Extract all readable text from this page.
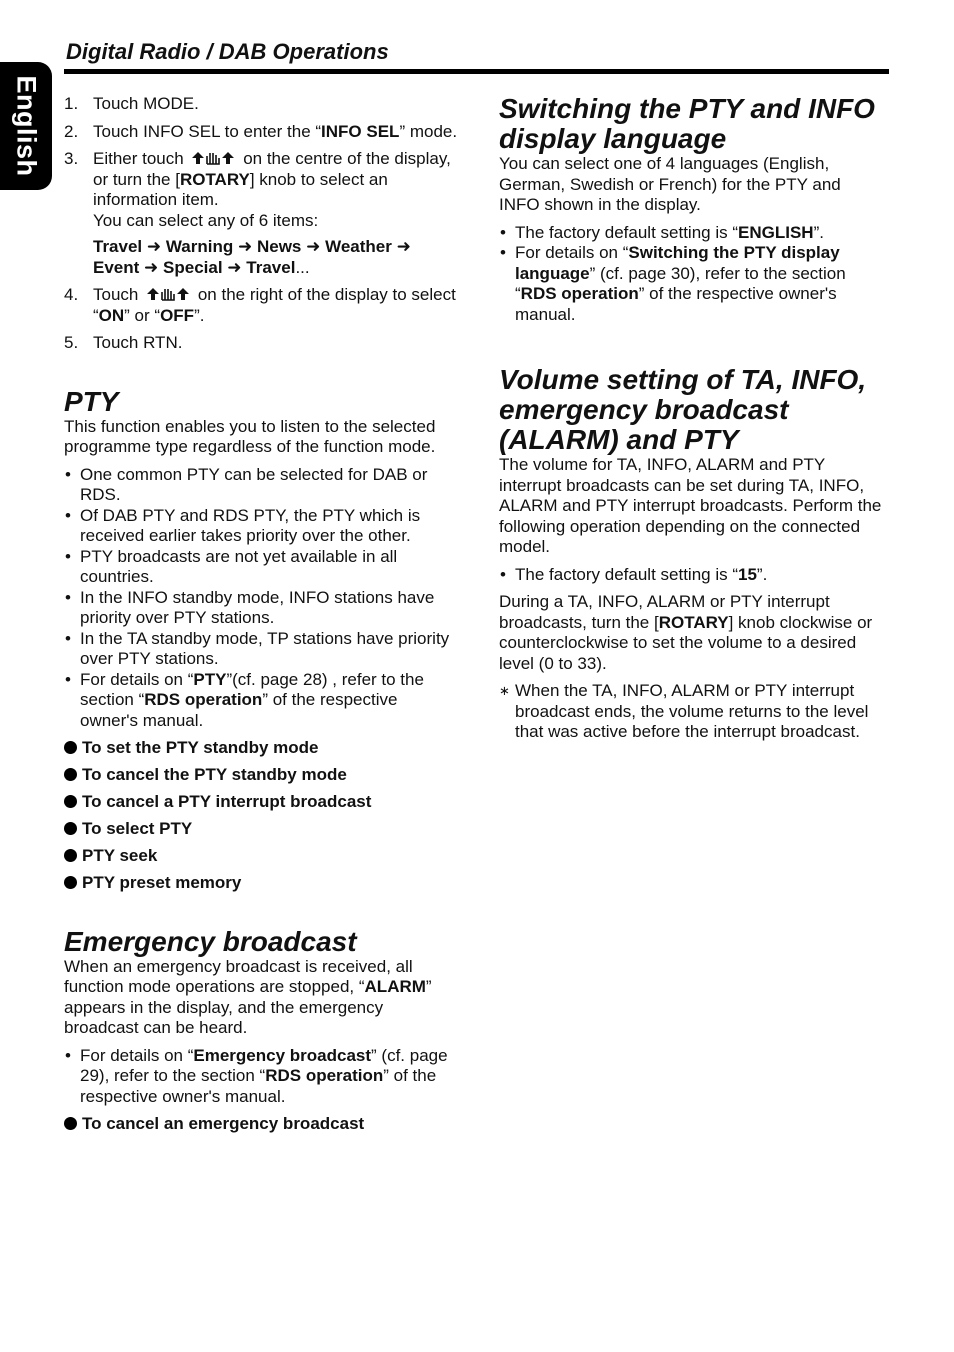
English
Digital Radio / DAB Operations
1. Touch MODE.
2. Touch INFO SEL to enter the “INFO SEL” mode.
3. Either touch	on the centre of the display, or turn the [ROTARY] knob to select an information item.
You can select any of 6 items:
Travel ➜ Warning ➜ News ➜ Weather ➜ Event ➜ Special ➜ Travel...
4. Touch	on the right of the display to select “ON” or “OFF”.
5. Touch RTN.
PTY

This function enables you to listen to the selected programme type regardless of the function mode.

• One common PTY can be selected for DAB or RDS.
• Of DAB PTY and RDS PTY, the PTY which is received earlier takes priority over the other.
• PTY broadcasts are not yet available in all countries.
• In the INFO standby mode, INFO stations have priority over PTY stations.
• In the TA standby mode, TP stations have priority over PTY stations.
• For details on “PTY”(cf. page 28) , refer to the section “RDS operation” of the respective owner's manual.
To set the PTY standby mode
To cancel the PTY standby mode
To cancel a PTY interrupt broadcast
To select PTY
PTY seek
PTY preset memory
Emergency broadcast

When an emergency broadcast is received, all function mode operations are stopped, “ALARM” appears in the display, and the emergency broadcast can be heard.

• For details on “Emergency broadcast” (cf. page 29), refer to the section “RDS operation” of the respective owner's manual.
To cancel an emergency broadcast
Switching the PTY and INFO display language

You can select one of 4 languages (English, German, Swedish or French) for the PTY and INFO shown in the display.

• The factory default setting is “ENGLISH”.
• For details on “Switching the PTY display language” (cf. page 30), refer to the section “RDS operation” of the respective owner's manual.
Volume setting of TA, INFO, emergency broadcast (ALARM) and PTY

The volume for TA, INFO, ALARM and PTY interrupt broadcasts can be set during TA, INFO, ALARM and PTY interrupt broadcasts. Perform the following operation depending on the connected model.

• The factory default setting is “15”.

During a TA, INFO, ALARM or PTY interrupt broadcasts, turn the [ROTARY] knob clockwise or counterclockwise to set the volume to a desired level (0 to 33).

∗ When the TA, INFO, ALARM or PTY interrupt broadcast ends, the volume returns to the level that was active before the interrupt broadcast.
